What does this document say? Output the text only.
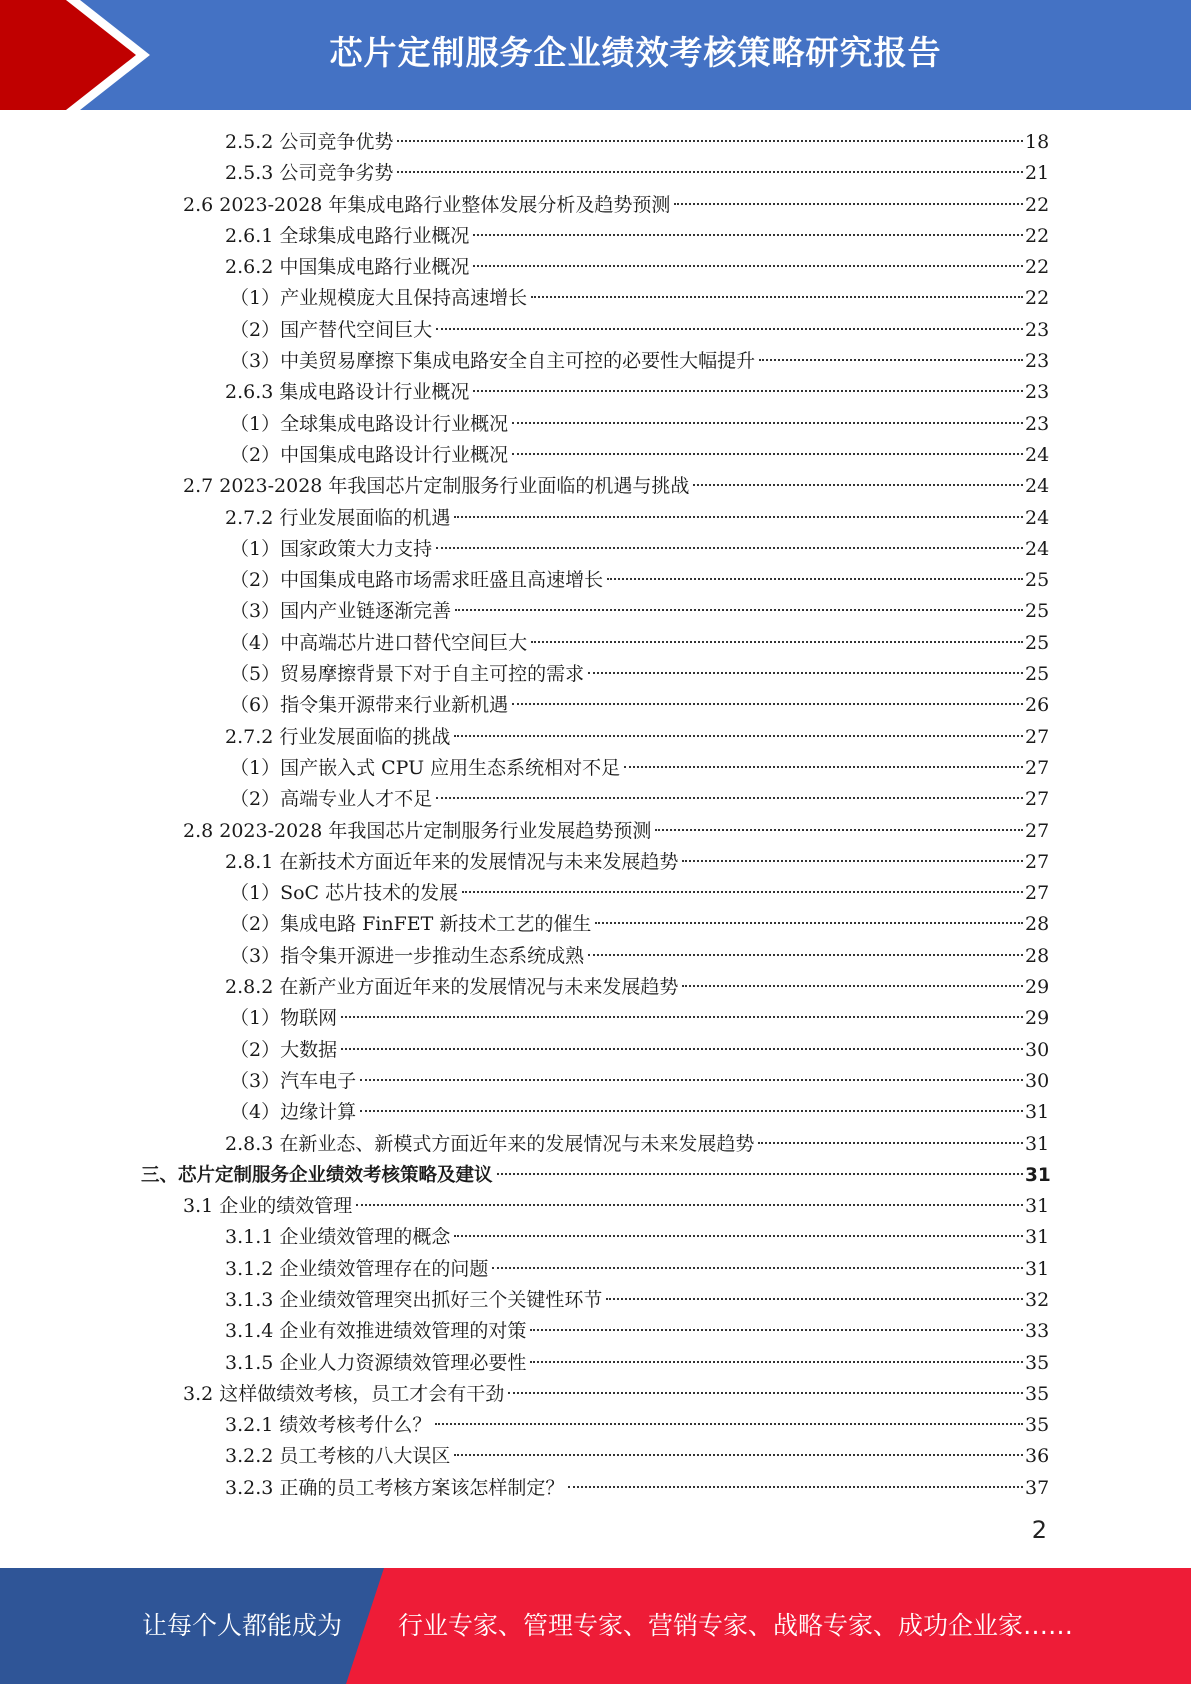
芯片定制服务企业绩效考核策略研究报告
2.5.2 公司竞争优势	18
2.5.3 公司竞争劣势	21
2.6 2023-2028 年集成电路行业整体发展分析及趋势预测	22
2.6.1 全球集成电路行业概况	22
2.6.2 中国集成电路行业概况	22
（1）产业规模庞大且保持高速增长	22
（2）国产替代空间巨大	23
（3）中美贸易摩擦下集成电路安全自主可控的必要性大幅提升	23
2.6.3 集成电路设计行业概况	23
（1）全球集成电路设计行业概况	23
（2）中国集成电路设计行业概况	24
2.7 2023-2028 年我国芯片定制服务行业面临的机遇与挑战	24
2.7.2 行业发展面临的机遇	24
（1）国家政策大力支持	24
（2）中国集成电路市场需求旺盛且高速增长	25
（3）国内产业链逐渐完善	25
（4）中高端芯片进口替代空间巨大	25
（5）贸易摩擦背景下对于自主可控的需求	25
（6）指令集开源带来行业新机遇	26
2.7.2 行业发展面临的挑战	27
（1）国产嵌入式 CPU 应用生态系统相对不足	27
（2）高端专业人才不足	27
2.8 2023-2028 年我国芯片定制服务行业发展趋势预测	27
2.8.1 在新技术方面近年来的发展情况与未来发展趋势	27
（1）SoC 芯片技术的发展	27
（2）集成电路 FinFET 新技术工艺的催生	28
（3）指令集开源进一步推动生态系统成熟	28
2.8.2 在新产业方面近年来的发展情况与未来发展趋势	29
（1）物联网	29
（2）大数据	30
（3）汽车电子	30
（4）边缘计算	31
2.8.3 在新业态、新模式方面近年来的发展情况与未来发展趋势	31
三、芯片定制服务企业绩效考核策略及建议	31
3.1 企业的绩效管理	31
3.1.1 企业绩效管理的概念	31
3.1.2 企业绩效管理存在的问题	31
3.1.3 企业绩效管理突出抓好三个关键性环节	32
3.1.4 企业有效推进绩效管理的对策	33
3.1.5 企业人力资源绩效管理必要性	35
3.2 这样做绩效考核，员工才会有干劲	35
3.2.1 绩效考核考什么？	35
3.2.2 员工考核的八大误区	36
3.2.3 正确的员工考核方案该怎样制定？	37
2
让每个人都能成为 行业专家、管理专家、营销专家、战略专家、成功企业家……
